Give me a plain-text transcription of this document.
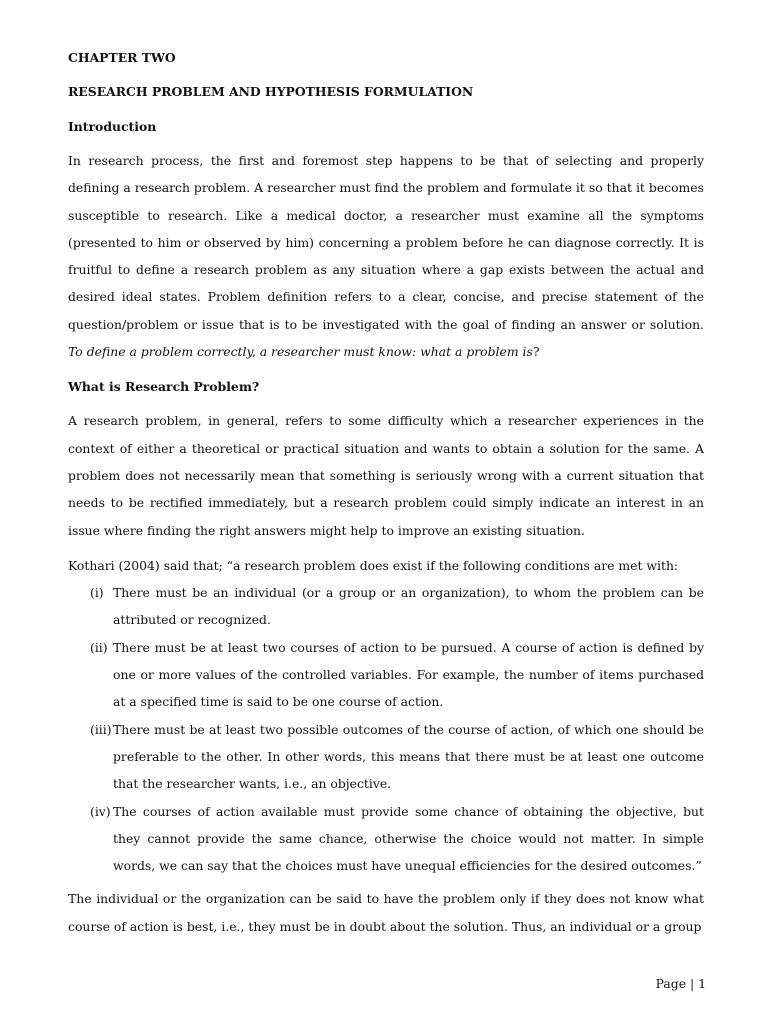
CHAPTER TWO

RESEARCH PROBLEM AND HYPOTHESIS FORMULATION

Introduction

In research process, the first and foremost step happens to be that of selecting and properly defining a research problem. A researcher must find the problem and formulate it so that it becomes susceptible to research. Like a medical doctor, a researcher must examine all the symptoms (presented to him or observed by him) concerning a problem before he can diagnose correctly. It is fruitful to define a research problem as any situation where a gap exists between the actual and desired ideal states. Problem definition refers to a clear, concise, and precise statement of the question/problem or issue that is to be investigated with the goal of finding an answer or solution. To define a problem correctly, a researcher must know: what a problem is?

What is Research Problem?

A research problem, in general, refers to some difficulty which a researcher experiences in the context of either a theoretical or practical situation and wants to obtain a solution for the same. A problem does not necessarily mean that something is seriously wrong with a current situation that needs to be rectified immediately, but a research problem could simply indicate an interest in an issue where finding the right answers might help to improve an existing situation.

Kothari (2004) said that; “a research problem does exist if the following conditions are met with:

(i) There must be an individual (or a group or an organization), to whom the problem can be attributed or recognized.
(ii) There must be at least two courses of action to be pursued. A course of action is defined by one or more values of the controlled variables. For example, the number of items purchased at a specified time is said to be one course of action.
(iii) There must be at least two possible outcomes of the course of action, of which one should be preferable to the other. In other words, this means that there must be at least one outcome that the researcher wants, i.e., an objective.
(iv) The courses of action available must provide some chance of obtaining the objective, but they cannot provide the same chance, otherwise the choice would not matter. In simple words, we can say that the choices must have unequal efficiencies for the desired outcomes.”

The individual or the organization can be said to have the problem only if they does not know what course of action is best, i.e., they must be in doubt about the solution. Thus, an individual or a group

Page | 1
